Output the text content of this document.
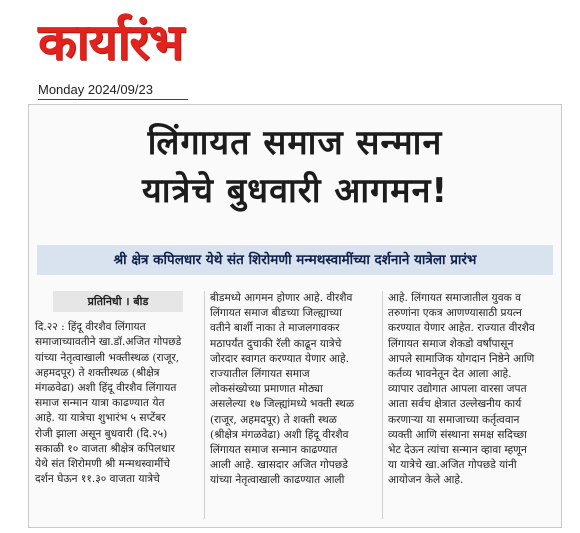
कार्यारंभ
Monday 2024/09/23
लिंगायत समाज सन्मान
यात्रेचे बुधवारी आगमन!
श्री क्षेत्र कपिलधार येथे संत शिरोमणी मन्मथस्वामींच्या दर्शनाने यात्रेला प्रारंभ
प्रतिनिधी । बीड
दि.२२ : हिंदू वीरशैव लिंगायत
समाजाच्यावतीने खा.डॉ.अजित गोपछडे
यांच्या नेतृत्वाखाली भक्तीस्थळ (राजूर,
अहमदपूर) ते शक्तीस्थळ (श्रीक्षेत्र
मंगळवेढा) अशी हिंदू वीरशैव लिंगायत
समाज सन्मान यात्रा काढण्यात येत
आहे. या यात्रेचा शुभारंभ ५ सप्टेंबर
रोजी झाला असून बुधवारी (दि.२५)
सकाळी १० वाजता श्रीक्षेत्र कपिलधार
येथे संत शिरोमणी श्री मन्मथस्वामींचे
दर्शन घेऊन ११.३० वाजता यात्रेचे
बीडमध्ये आगमन होणार आहे. वीरशैव
लिंगायत समाज बीडच्या जिल्ह्याच्या
वतीने बार्शी नाका ते माजलगावकर
मठापर्यंत दुचाकी रॅली काढून यात्रेचे
जोरदार स्वागत करण्यात येणार आहे.
राज्यातील लिंगायत समाज
लोकसंख्येच्या प्रमाणात मोठ्या
असलेल्या १७ जिल्ह्यांमध्ये भक्ती स्थळ
(राजूर, अहमदपूर) ते शक्ती स्थळ
(श्रीक्षेत्र मंगळवेढा) अशी हिंदू वीरशैव
लिंगायत समाज सन्मान काढण्यात
आली आहे. खासदार अजित गोपछडे
यांच्या नेतृत्वाखाली काढण्यात आली
आहे. लिंगायत समाजातील युवक व
तरुणांना एकत्र आणण्यासाठी प्रयत्न
करण्यात येणार आहेत. राज्यात वीरशैव
लिंगायत समाज शेकडो वर्षांपासून
आपले सामाजिक योगदान निष्ठेने आणि
कर्तव्य भावनेतून देत आला आहे.
व्यापार उद्योगात आपला वारसा जपत
आता सर्वच क्षेत्रात उल्लेखनीय कार्य
करणाऱ्या या समाजाच्या कर्तृत्ववान
व्यक्ती आणि संस्थाना समक्ष सदिच्छा
भेट देऊन त्यांचा सन्मान व्हावा म्हणून
या यात्रेचे खा.अजित गोपछडे यांनी
आयोजन केले आहे.
